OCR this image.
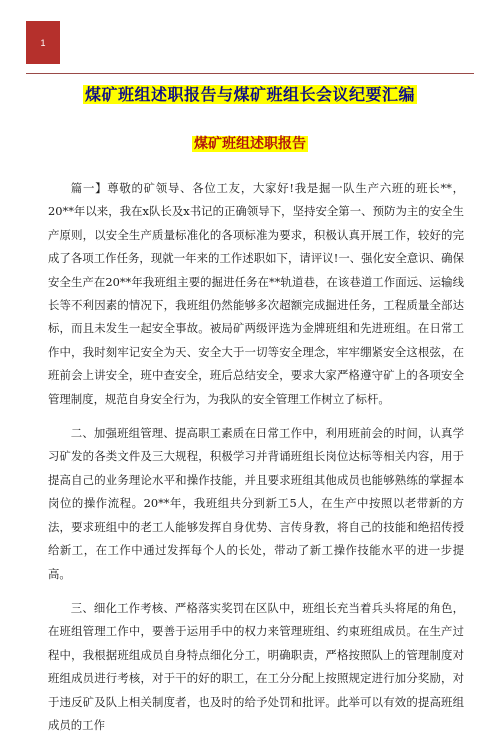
1
煤矿班组述职报告与煤矿班组长会议纪要汇编
煤矿班组述职报告

篇一】尊敬的矿领导、各位工友，大家好!我是掘一队生产六班的班长**，20**年以来，我在x队长及x书记的正确领导下，坚持安全第一、预防为主的安全生产原则，以安全生产质量标准化的各项标准为要求，积极认真开展工作，较好的完成了各项工作任务，现就一年来的工作述职如下，请评议!一、强化安全意识、确保安全生产在20**年我班组主要的掘进任务在**轨道巷，在该巷道工作面远、运输线长等不利因素的情况下，我班组仍然能够多次超额完成掘进任务，工程质量全部达标，而且未发生一起安全事故。被局矿两级评选为金牌班组和先进班组。在日常工作中，我时刻牢记安全为天、安全大于一切等安全理念，牢牢绷紧安全这根弦，在班前会上讲安全，班中查安全，班后总结安全，要求大家严格遵守矿上的各项安全管理制度，规范自身安全行为，为我队的安全管理工作树立了标杆。

二、加强班组管理、提高职工素质在日常工作中，利用班前会的时间，认真学习矿发的各类文件及三大规程，积极学习并背诵班组长岗位达标等相关内容，用于提高自己的业务理论水平和操作技能，并且要求班组其他成员也能够熟练的掌握本岗位的操作流程。20**年，我班组共分到新工5人，在生产中按照以老带新的方法，要求班组中的老工人能够发挥自身优势、言传身教，将自己的技能和绝招传授给新工，在工作中通过发挥每个人的长处，带动了新工操作技能水平的进一步提高。

三、细化工作考核、严格落实奖罚在区队中，班组长充当着兵头将尾的角色，在班组管理工作中，要善于运用手中的权力来管理班组、约束班组成员。在生产过程中，我根据班组成员自身特点细化分工，明确职责，严格按照队上的管理制度对班组成员进行考核，对于干的好的职工，在工分分配上按照规定进行加分奖励，对于违反矿及队上相关制度者，也及时的给予处罚和批评。此举可以有效的提高班组成员的工作
